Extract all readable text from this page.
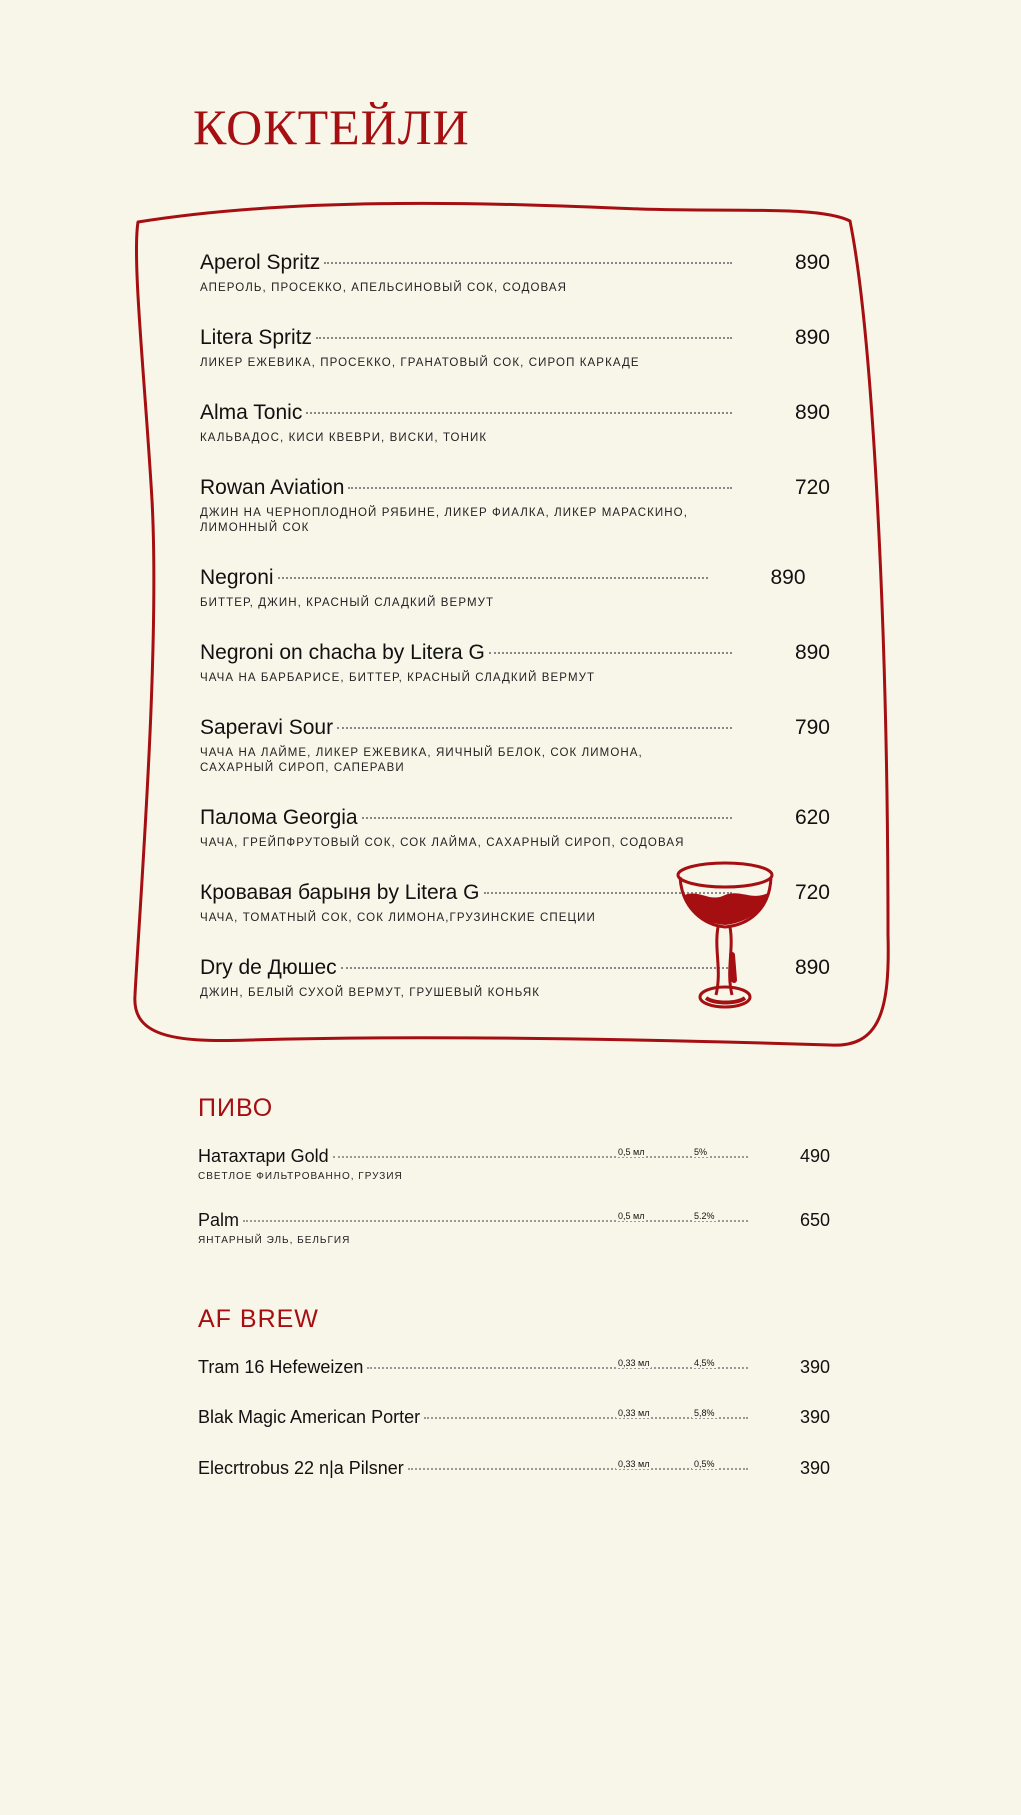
КОКТЕЙЛИ
Aperol Spritz	890
АПЕРОЛЬ, ПРОСЕККО, АПЕЛЬСИНОВЫЙ СОК, СОДОВАЯ
Litera Spritz	890
ЛИКЕР ЕЖЕВИКА, ПРОСЕККО, ГРАНАТОВЫЙ СОК, СИРОП КАРКАДЕ
Alma Tonic	890
КАЛЬВАДОС, КИСИ КВЕВРИ, ВИСКИ, ТОНИК
Rowan Aviation	720
ДЖИН НА ЧЕРНОПЛОДНОЙ РЯБИНЕ, ЛИКЕР ФИАЛКА, ЛИКЕР МАРАСКИНО, ЛИМОННЫЙ СОК
Negroni	890
БИТТЕР, ДЖИН, КРАСНЫЙ СЛАДКИЙ ВЕРМУТ
Negroni on chacha by Litera G	890
ЧАЧА НА БАРБАРИСЕ, БИТТЕР, КРАСНЫЙ СЛАДКИЙ ВЕРМУТ
Saperavi Sour	790
ЧАЧА НА ЛАЙМЕ, ЛИКЕР ЕЖЕВИКА, ЯИЧНЫЙ БЕЛОК, СОК ЛИМОНА, САХАРНЫЙ СИРОП, САПЕРАВИ
Палома Georgia	620
ЧАЧА, ГРЕЙПФРУТОВЫЙ СОК, СОК ЛАЙМА, САХАРНЫЙ СИРОП, СОДОВАЯ
Кровавая барыня by Litera G	720
ЧАЧА, ТОМАТНЫЙ СОК, СОК ЛИМОНА,ГРУЗИНСКИЕ СПЕЦИИ
Dry de Дюшес	890
ДЖИН, БЕЛЫЙ СУХОЙ ВЕРМУТ, ГРУШЕВЫЙ КОНЬЯК
ПИВО
Натахтари Gold	0,5 мл	5%	490
СВЕТЛОЕ ФИЛЬТРОВАННО, ГРУЗИЯ
Palm	0,5 мл	5.2%	650
ЯНТАРНЫЙ ЭЛЬ, БЕЛЬГИЯ
AF BREW
Tram 16 Hefeweizen	0,33 мл	4,5%	390
Blak Magic American Porter	0,33 мл	5,8%	390
Elecrtrobus 22 n|a Pilsner	0,33 мл	0,5%	390
